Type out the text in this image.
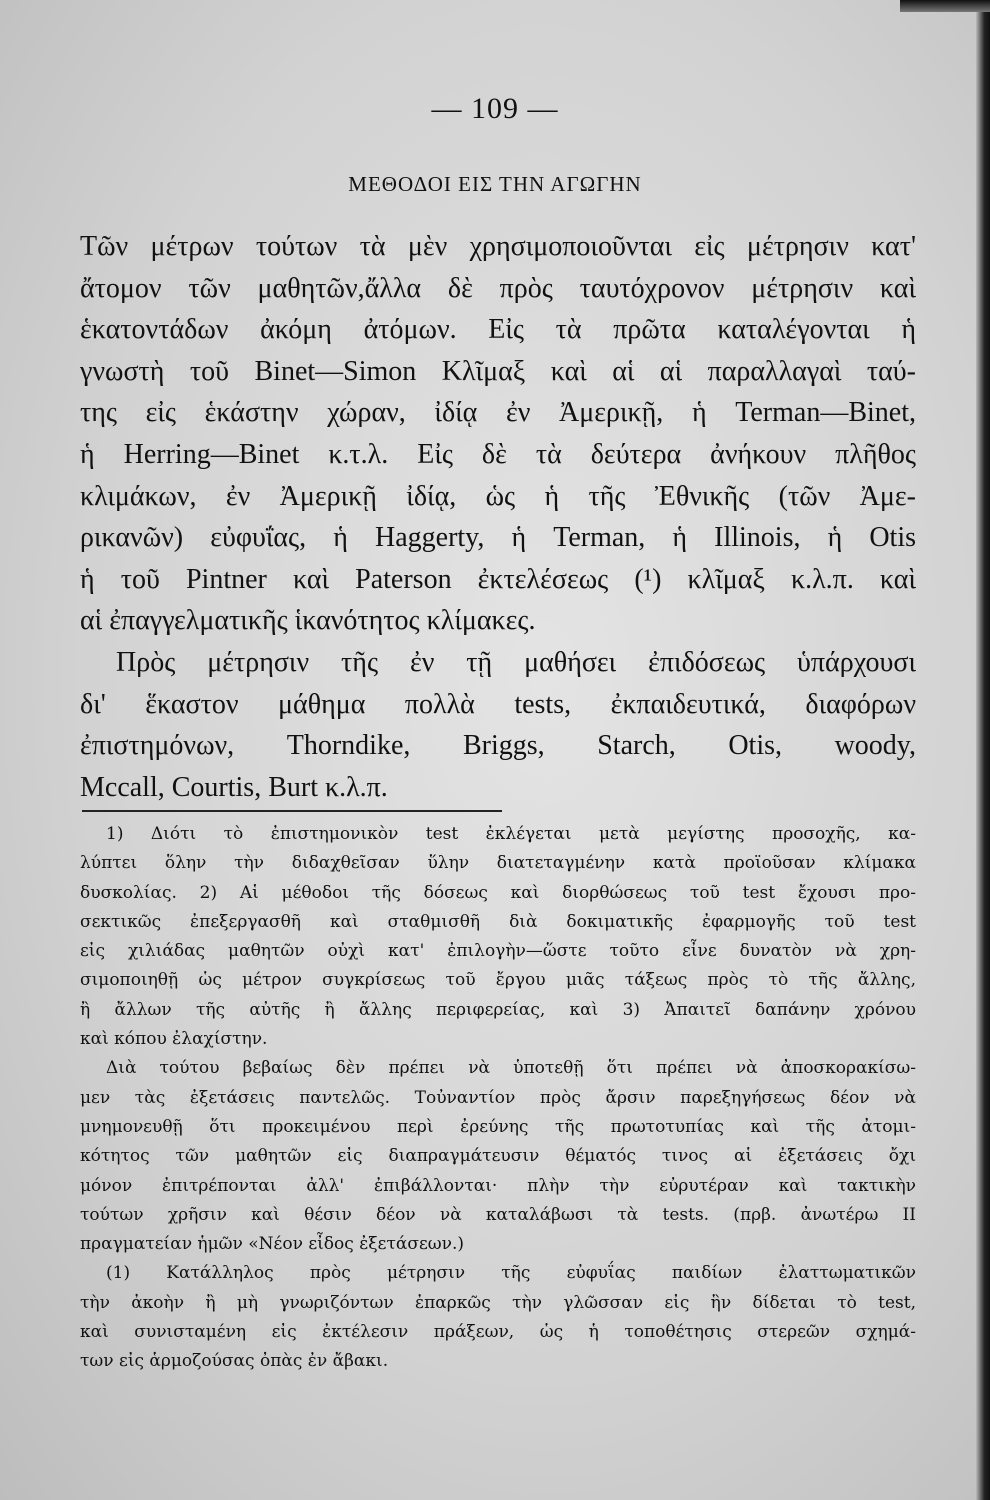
— 109 —
ΜΕΘΟΔΟΙ ΕΙΣ ΤΗΝ ΑΓΩΓΗΝ
Τῶν μέτρων τούτων τὰ μὲν χρησιμοποιοῦνται εἰς μέτρησιν κατ'
ἄτομον τῶν μαθητῶν,ἄλλα δὲ πρὸς ταυτόχρονον μέτρησιν καὶ
ἑκατοντάδων ἀκόμη ἀτόμων. Εἰς τὰ πρῶτα καταλέγονται ἡ
γνωστὴ τοῦ Binet—Simon Κλῖμαξ καὶ αἱ αἱ παραλλαγαὶ ταύ-
της εἰς ἑκάστην χώραν, ἰδίᾳ ἐν Ἀμερικῇ, ἡ Terman—Binet,
ἡ Herring—Binet κ.τ.λ. Εἰς δὲ τὰ δεύτερα ἀνήκουν πλῆθος
κλιμάκων, ἐν Ἀμερικῇ ἰδίᾳ, ὡς ἡ τῆς Ἐθνικῆς (τῶν Ἀμε-
ρικανῶν) εὐφυΐας, ἡ Haggerty, ἡ Terman, ἡ Illinois, ἡ Otis
ἡ τοῦ Pintner καὶ Paterson ἐκτελέσεως (¹) κλῖμαξ κ.λ.π. καὶ
αἱ ἐπαγγελματικῆς ἱκανότητος κλίμακες.
Πρὸς μέτρησιν τῆς ἐν τῇ μαθήσει ἐπιδόσεως ὑπάρχουσι
δι' ἕκαστον μάθημα πολλὰ tests, ἐκπαιδευτικά, διαφόρων
ἐπιστημόνων, Thorndike, Briggs, Starch, Otis, woody,
Mccall, Courtis, Burt κ.λ.π.
1) Διότι τὸ ἐπιστημονικὸν test ἐκλέγεται μετὰ μεγίστης προσοχῆς, κα-
λύπτει ὅλην τὴν διδαχθεῖσαν ὕλην διατεταγμένην κατὰ προϊοῦσαν κλίμακα
δυσκολίας. 2) Αἱ μέθοδοι τῆς δόσεως καὶ διορθώσεως τοῦ test ἔχουσι προ-
σεκτικῶς ἐπεξεργασθῆ καὶ σταθμισθῆ διὰ δοκιματικῆς ἐφαρμογῆς τοῦ test
εἰς χιλιάδας μαθητῶν οὐχὶ κατ' ἐπιλογὴν—ὥστε τοῦτο εἶνε δυνατὸν νὰ χρη-
σιμοποιηθῇ ὡς μέτρον συγκρίσεως τοῦ ἔργου μιᾶς τάξεως πρὸς τὸ τῆς ἄλλης,
ἢ ἄλλων τῆς αὐτῆς ἢ ἄλλης περιφερείας, καὶ 3) Ἀπαιτεῖ δαπάνην χρόνου
καὶ κόπου ἐλαχίστην.
Διὰ τούτου βεβαίως δὲν πρέπει νὰ ὑποτεθῇ ὅτι πρέπει νὰ ἀποσκορακίσω-
μεν τὰς ἐξετάσεις παντελῶς. Τοὐναντίον πρὸς ἄρσιν παρεξηγήσεως δέον νὰ
μνημονευθῇ ὅτι προκειμένου περὶ ἐρεύνης τῆς πρωτοτυπίας καὶ τῆς ἀτομι-
κότητος τῶν μαθητῶν εἰς διαπραγμάτευσιν θέματός τινος αἱ ἐξετάσεις ὄχι
μόνον ἐπιτρέπονται ἀλλ' ἐπιβάλλονται· πλὴν τὴν εὐρυτέραν καὶ τακτικὴν
τούτων χρῆσιν καὶ θέσιν δέον νὰ καταλάβωσι τὰ tests. (πρβ. ἀνωτέρω II
πραγματείαν ἡμῶν «Νέον εἶδος ἐξετάσεων.)
(1) Κατάλληλος πρὸς μέτρησιν τῆς εὐφυΐας παιδίων ἐλαττωματικῶν
τὴν ἀκοὴν ἢ μὴ γνωριζόντων ἐπαρκῶς τὴν γλῶσσαν εἰς ἣν δίδεται τὸ test,
καὶ συνισταμένη εἰς ἐκτέλεσιν πράξεων, ὡς ἡ τοποθέτησις στερεῶν σχημά-
των εἰς ἁρμοζούσας ὀπὰς ἐν ἄβακι.
